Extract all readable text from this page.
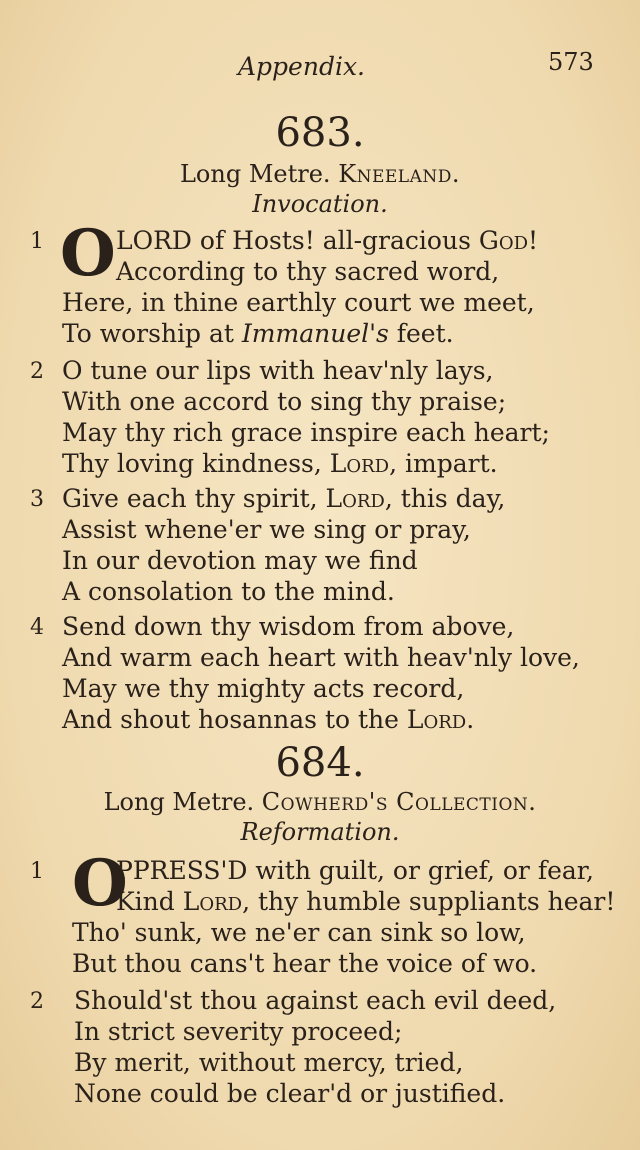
Appendix.	573
683.
Long Metre. Kneeland.
Invocation.
1 O LORD of Hosts! all-gracious God!
According to thy sacred word,
Here, in thine earthly court we meet,
To worship at Immanuel's feet.
2 O tune our lips with heav'nly lays,
With one accord to sing thy praise;
May thy rich grace inspire each heart;
Thy loving kindness, Lord, impart.
3 Give each thy spirit, Lord, this day,
Assist whene'er we sing or pray,
In our devotion may we find
A consolation to the mind.
4 Send down thy wisdom from above,
And warm each heart with heav'nly love,
May we thy mighty acts record,
And shout hosannas to the Lord.
684.
Long Metre. Cowherd's Collection.
Reformation.
1 O
PPRESS'D with guilt, or grief, or fear,
Kind Lord, thy humble suppliants hear!
Tho' sunk, we ne'er can sink so low,
But thou cans't hear the voice of wo.
2 Should'st thou against each evil deed,
In strict severity proceed;
By merit, without mercy, tried,
None could be clear'd or justified.
